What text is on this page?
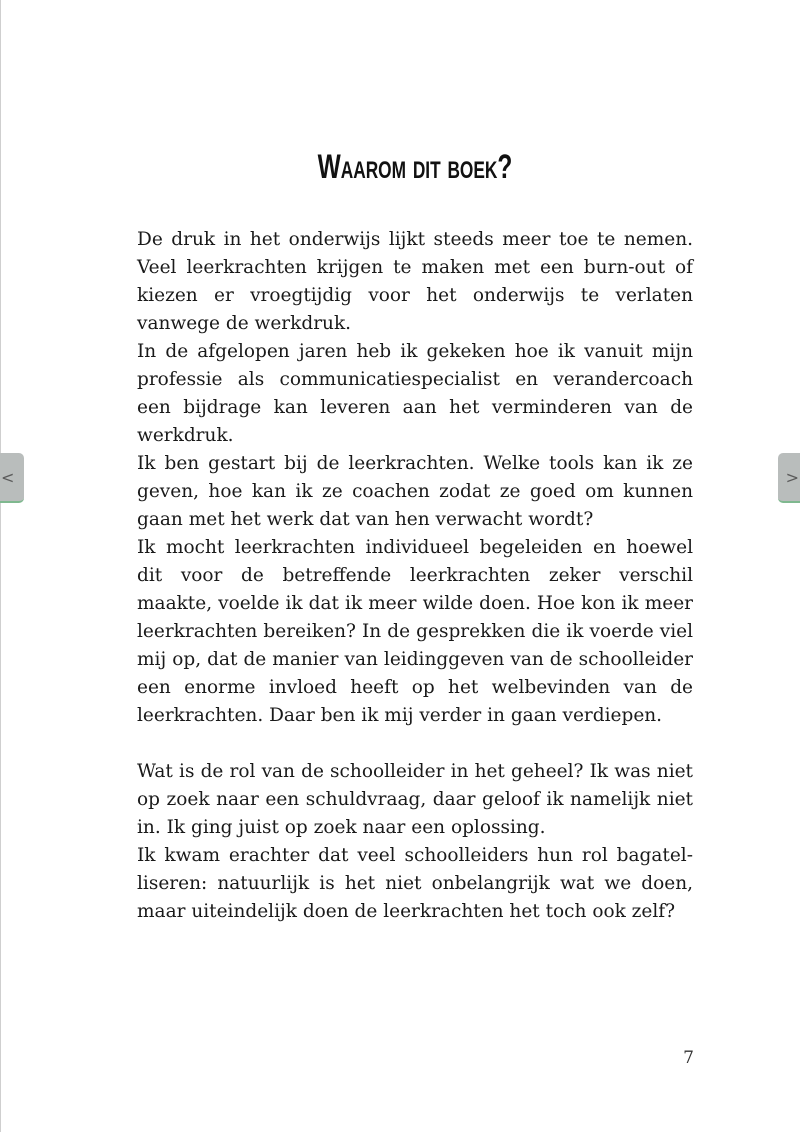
Waarom dit boek?

De druk in het onderwijs lijkt steeds meer toe te nemen. Veel leerkrachten krijgen te maken met een burn-out of kiezen er vroegtijdig voor het onderwijs te verlaten vanwege de werkdruk.

In de afgelopen jaren heb ik gekeken hoe ik vanuit mijn professie als communicatiespecialist en verandercoach een bijdrage kan leveren aan het verminderen van de werkdruk.

Ik ben gestart bij de leerkrachten. Welke tools kan ik ze geven, hoe kan ik ze coachen zodat ze goed om kunnen gaan met het werk dat van hen verwacht wordt?

Ik mocht leerkrachten individueel begeleiden en hoewel dit voor de betreffende leerkrachten zeker verschil maakte, voelde ik dat ik meer wilde doen. Hoe kon ik meer leerkrachten bereiken? In de gesprekken die ik voerde viel mij op, dat de manier van leidinggeven van de schoolleider een enorme invloed heeft op het welbevinden van de leerkrachten. Daar ben ik mij verder in gaan verdiepen.

Wat is de rol van de schoolleider in het geheel? Ik was niet op zoek naar een schuldvraag, daar geloof ik namelijk niet in. Ik ging juist op zoek naar een oplossing.

Ik kwam erachter dat veel schoolleiders hun rol bagatelliseren: natuurlijk is het niet onbelangrijk wat we doen, maar uiteindelijk doen de leerkrachten het toch ook zelf?

7
<	>
